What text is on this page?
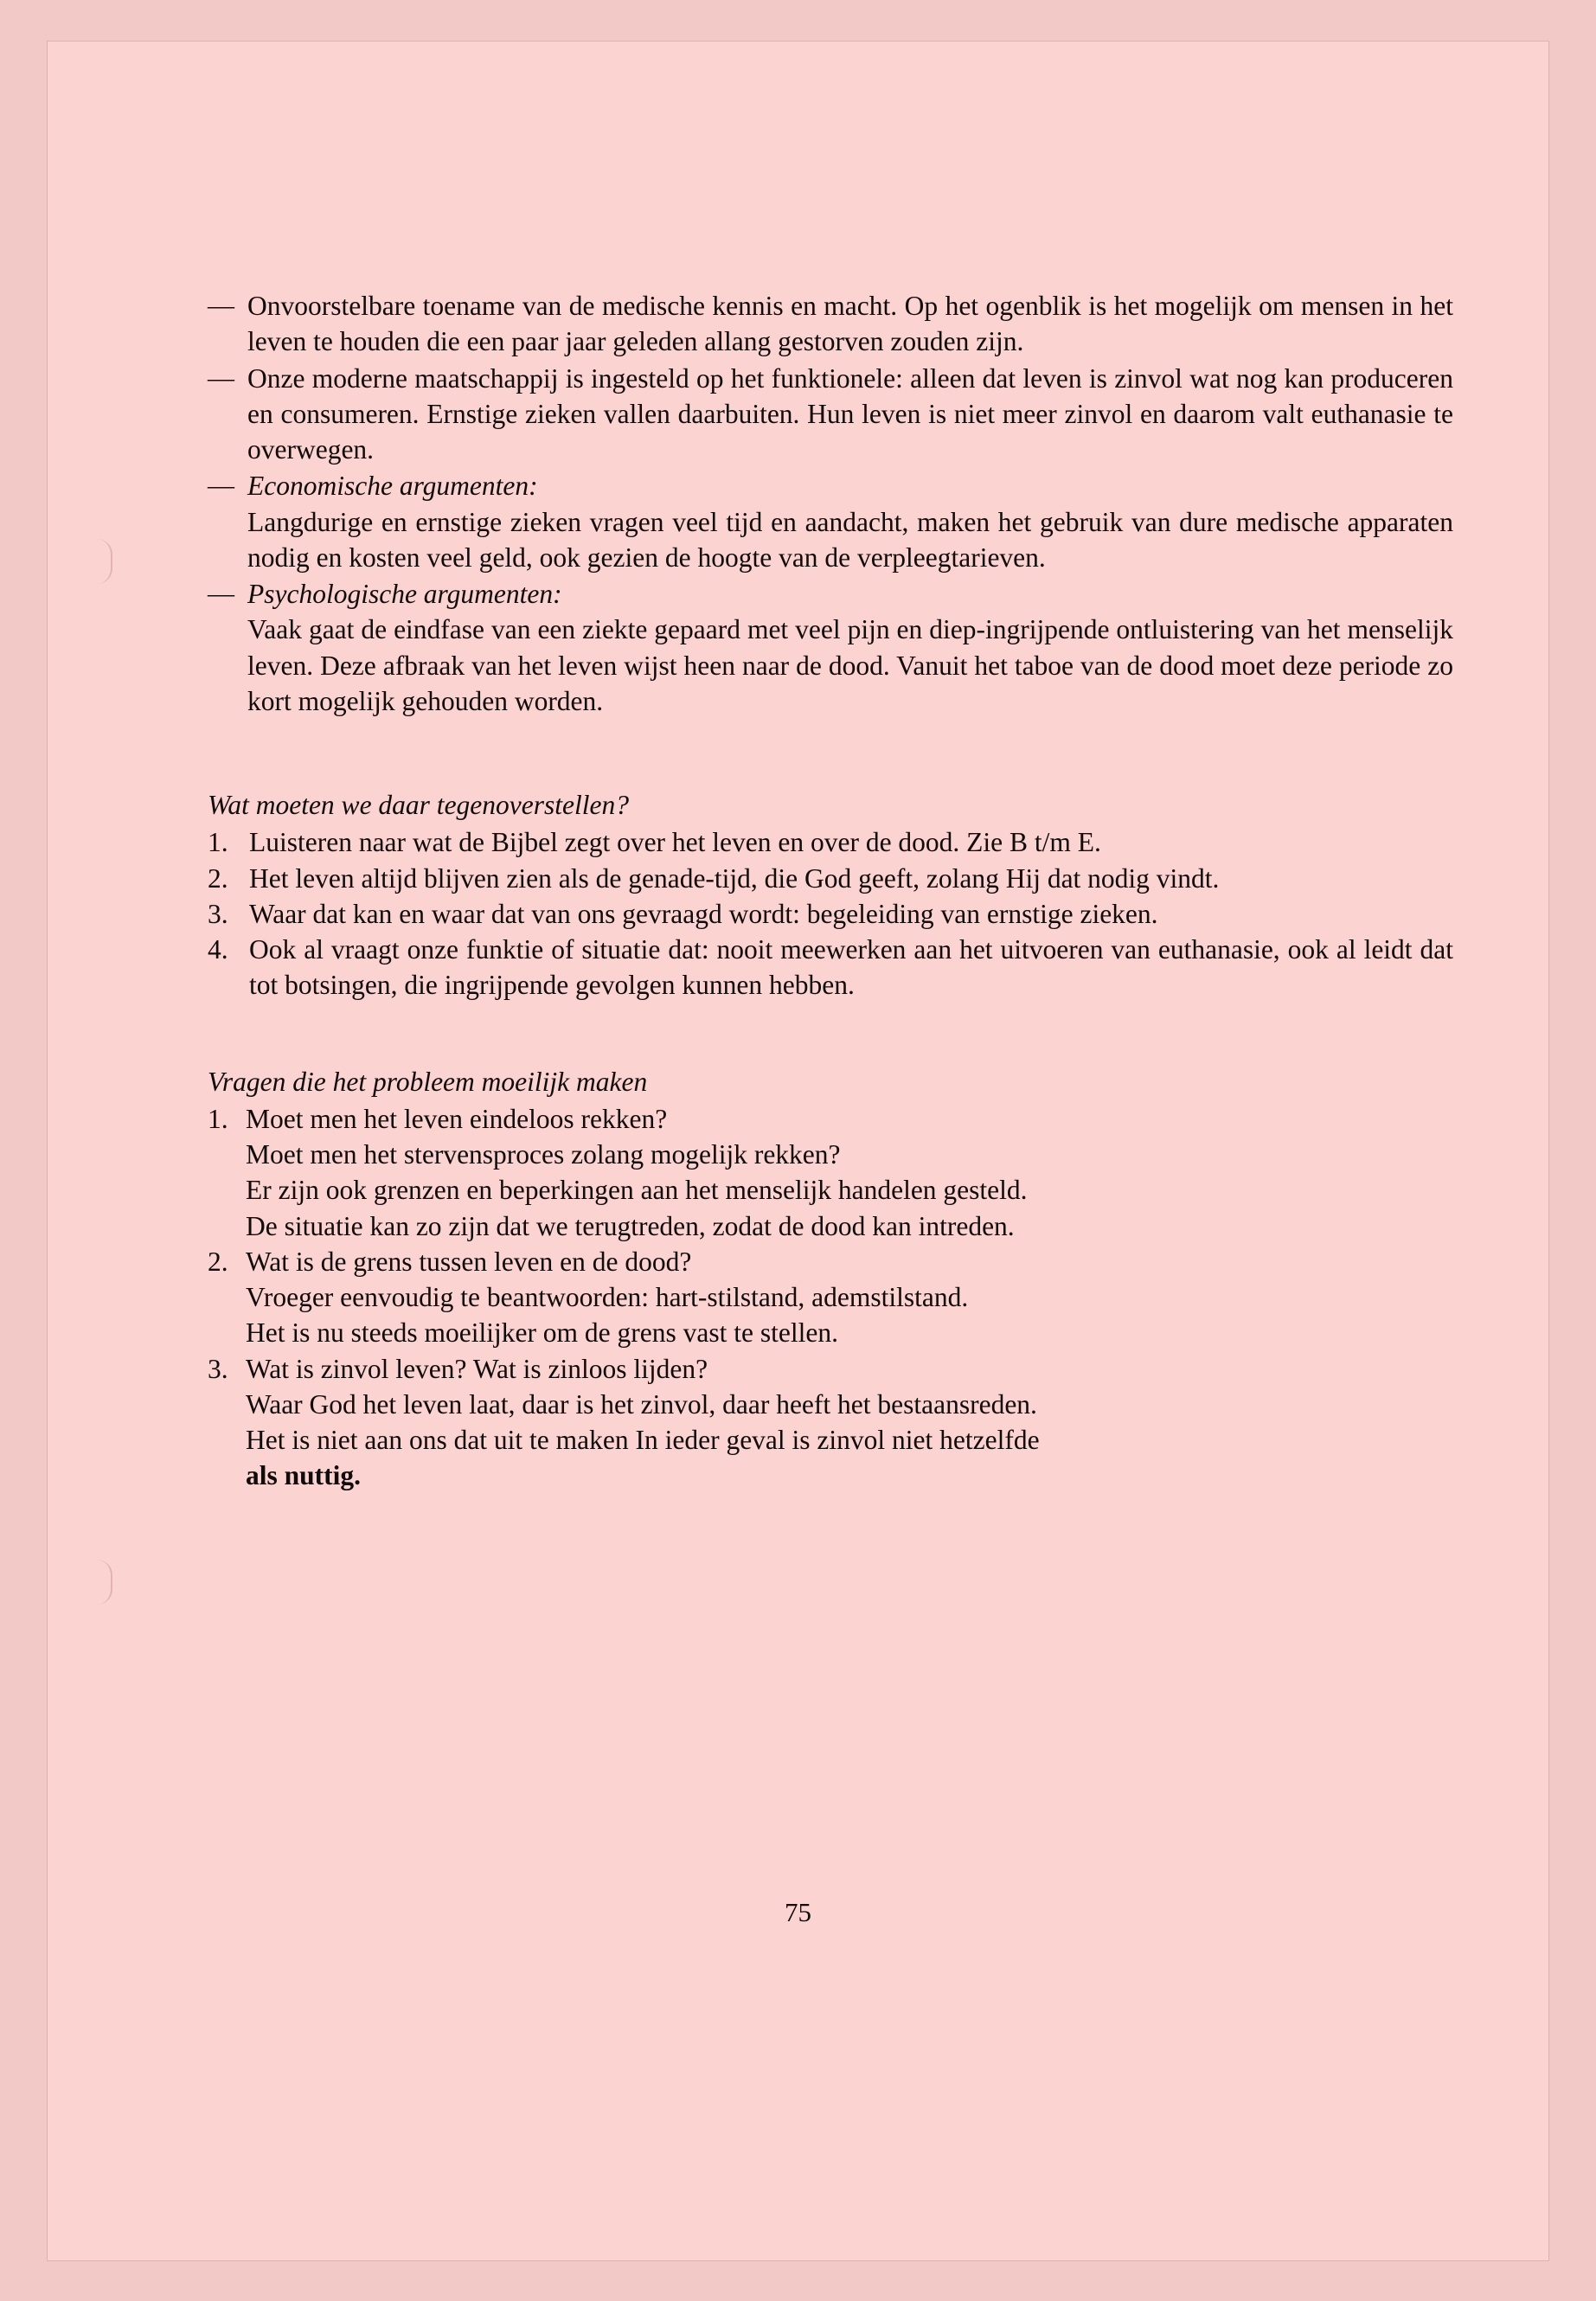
— Onvoorstelbare toename van de medische kennis en macht. Op het ogenblik is het mogelijk om mensen in het leven te houden die een paar jaar geleden allang gestorven zouden zijn.
— Onze moderne maatschappij is ingesteld op het funktionele: alleen dat leven is zinvol wat nog kan produceren en consumeren. Ernstige zieken vallen daarbuiten. Hun leven is niet meer zinvol en daarom valt euthanasie te overwegen.
— Economische argumenten:
Langdurige en ernstige zieken vragen veel tijd en aandacht, maken het gebruik van dure medische apparaten nodig en kosten veel geld, ook gezien de hoogte van de verpleegtarieven.
— Psychologische argumenten:
Vaak gaat de eindfase van een ziekte gepaard met veel pijn en diep-ingrijpende ontluistering van het menselijk leven. Deze afbraak van het leven wijst heen naar de dood. Vanuit het taboe van de dood moet deze periode zo kort mogelijk gehouden worden.
Wat moeten we daar tegenoverstellen?
1. Luisteren naar wat de Bijbel zegt over het leven en over de dood. Zie B t/m E.
2. Het leven altijd blijven zien als de genade-tijd, die God geeft, zolang Hij dat nodig vindt.
3. Waar dat kan en waar dat van ons gevraagd wordt: begeleiding van ernstige zieken.
4. Ook al vraagt onze funktie of situatie dat: nooit meewerken aan het uitvoeren van euthanasie, ook al leidt dat tot botsingen, die ingrijpende gevolgen kunnen hebben.
Vragen die het probleem moeilijk maken
1. Moet men het leven eindeloos rekken?
Moet men het stervensproces zolang mogelijk rekken?
Er zijn ook grenzen en beperkingen aan het menselijk handelen gesteld.
De situatie kan zo zijn dat we terugtreden, zodat de dood kan intreden.
2. Wat is de grens tussen leven en de dood?
Vroeger eenvoudig te beantwoorden: hart-stilstand, ademstilstand.
Het is nu steeds moeilijker om de grens vast te stellen.
3. Wat is zinvol leven? Wat is zinloos lijden?
Waar God het leven laat, daar is het zinvol, daar heeft het bestaansreden.
Het is niet aan ons dat uit te maken In ieder geval is zinvol niet hetzelfde
als nuttig.
75
